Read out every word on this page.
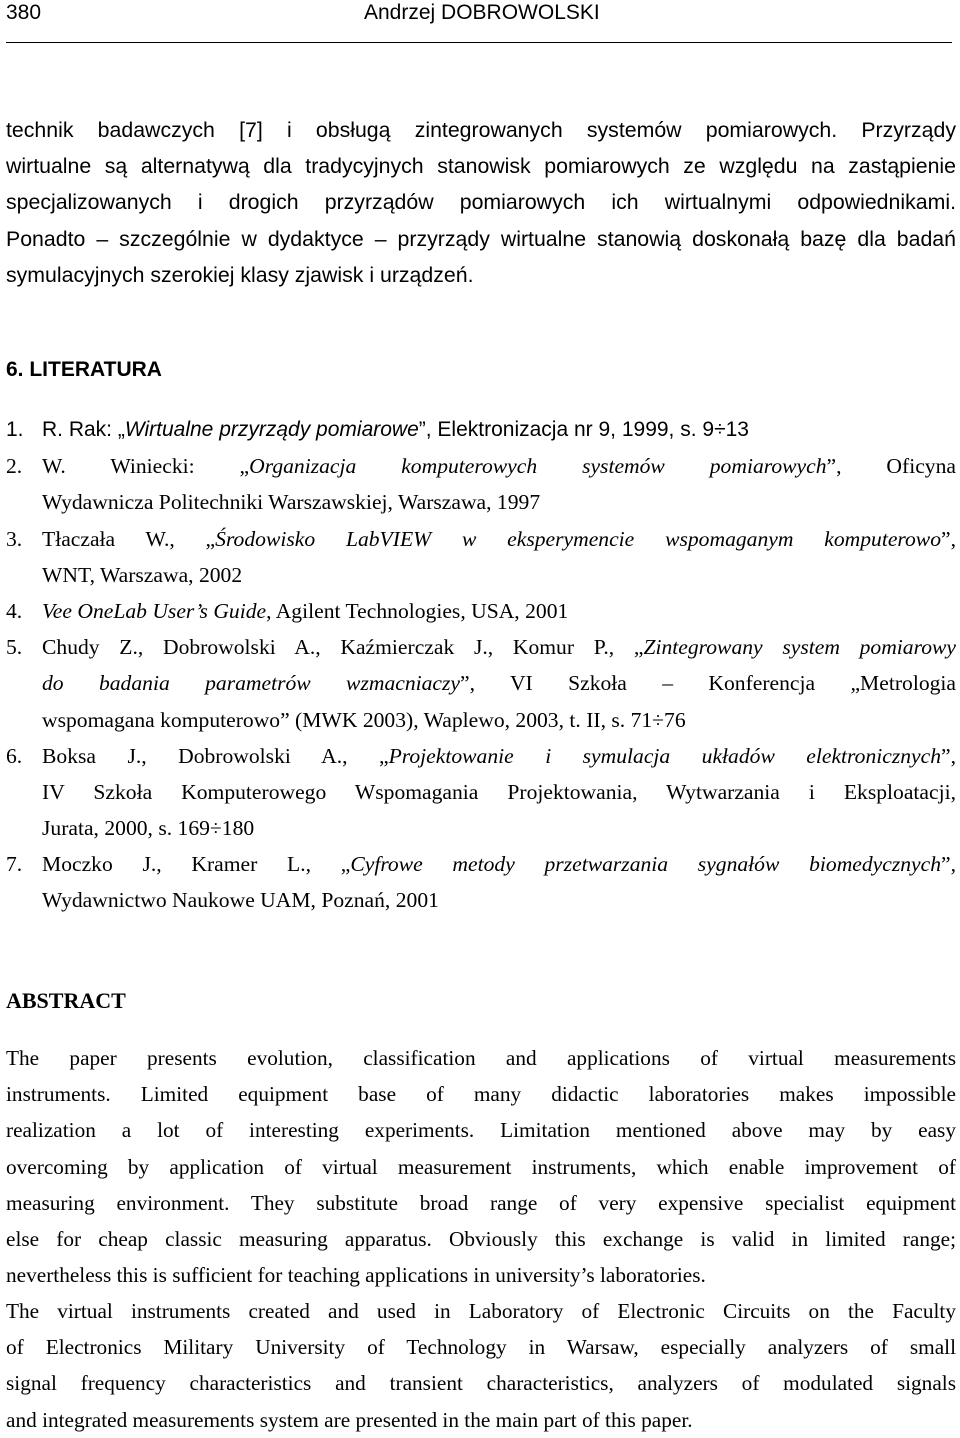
380	Andrzej DOBROWOLSKI
technik badawczych [7] i obsługą zintegrowanych systemów pomiarowych. Przyrządy
wirtualne są alternatywą dla tradycyjnych stanowisk pomiarowych ze względu na zastąpienie
specjalizowanych i drogich przyrządów pomiarowych ich wirtualnymi odpowiednikami.
Ponadto – szczególnie w dydaktyce – przyrządy wirtualne stanowią doskonałą bazę dla badań
symulacyjnych szerokiej klasy zjawisk i urządzeń.
6. LITERATURA
1. R. Rak: „Wirtualne przyrządy pomiarowe”, Elektronizacja nr 9, 1999, s. 9÷13
2. W. Winiecki: „Organizacja komputerowych systemów pomiarowych”, Oficyna
Wydawnicza Politechniki Warszawskiej, Warszawa, 1997
3. Tłaczała W., „Środowisko LabVIEW w eksperymencie wspomaganym komputerowo”,
WNT, Warszawa, 2002
4. Vee OneLab User’s Guide, Agilent Technologies, USA, 2001
5. Chudy Z., Dobrowolski A., Kaźmierczak J., Komur P., „Zintegrowany system pomiarowy
do badania parametrów wzmacniaczy”, VI Szkoła – Konferencja „Metrologia
wspomagana komputerowo” (MWK 2003), Waplewo, 2003, t. II, s. 71÷76
6. Boksa J., Dobrowolski A., „Projektowanie i symulacja układów elektronicznych”,
IV Szkoła Komputerowego Wspomagania Projektowania, Wytwarzania i Eksploatacji,
Jurata, 2000, s. 169÷180
7. Moczko J., Kramer L., „Cyfrowe metody przetwarzania sygnałów biomedycznych”,
Wydawnictwo Naukowe UAM, Poznań, 2001
ABSTRACT
The paper presents evolution, classification and applications of virtual measurements
instruments. Limited equipment base of many didactic laboratories makes impossible
realization a lot of interesting experiments. Limitation mentioned above may by easy
overcoming by application of virtual measurement instruments, which enable improvement of
measuring environment. They substitute broad range of very expensive specialist equipment
else for cheap classic measuring apparatus. Obviously this exchange is valid in limited range;
nevertheless this is sufficient for teaching applications in university’s laboratories.
The virtual instruments created and used in Laboratory of Electronic Circuits on the Faculty
of Electronics Military University of Technology in Warsaw, especially analyzers of small
signal frequency characteristics and transient characteristics, analyzers of modulated signals
and integrated measurements system are presented in the main part of this paper.
